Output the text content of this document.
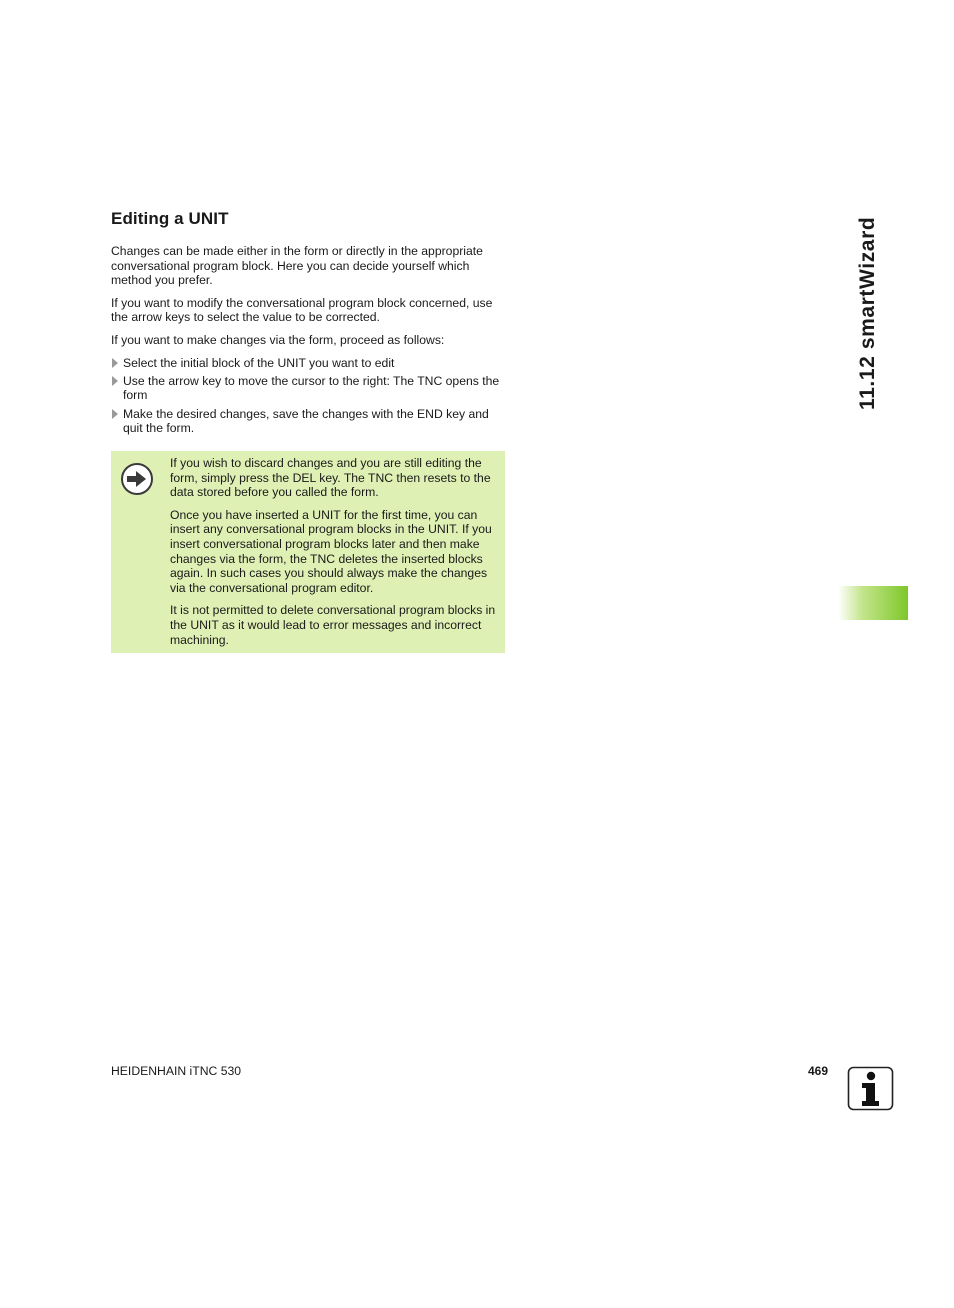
Editing a UNIT

Changes can be made either in the form or directly in the appropriate conversational program block. Here you can decide yourself which method you prefer.

If you want to modify the conversational program block concerned, use the arrow keys to select the value to be corrected.

If you want to make changes via the form, proceed as follows:

Select the initial block of the UNIT you want to edit
Use the arrow key to move the cursor to the right: The TNC opens the form
Make the desired changes, save the changes with the END key and quit the form.

If you wish to discard changes and you are still editing the form, simply press the DEL key. The TNC then resets to the data stored before you called the form.

Once you have inserted a UNIT for the first time, you can insert any conversational program blocks in the UNIT. If you insert conversational program blocks later and then make changes via the form, the TNC deletes the inserted blocks again. In such cases you should always make the changes via the conversational program editor.

It is not permitted to delete conversational program blocks in the UNIT as it would lead to error messages and incorrect machining.

11.12 smartWizard
HEIDENHAIN iTNC 530	469
